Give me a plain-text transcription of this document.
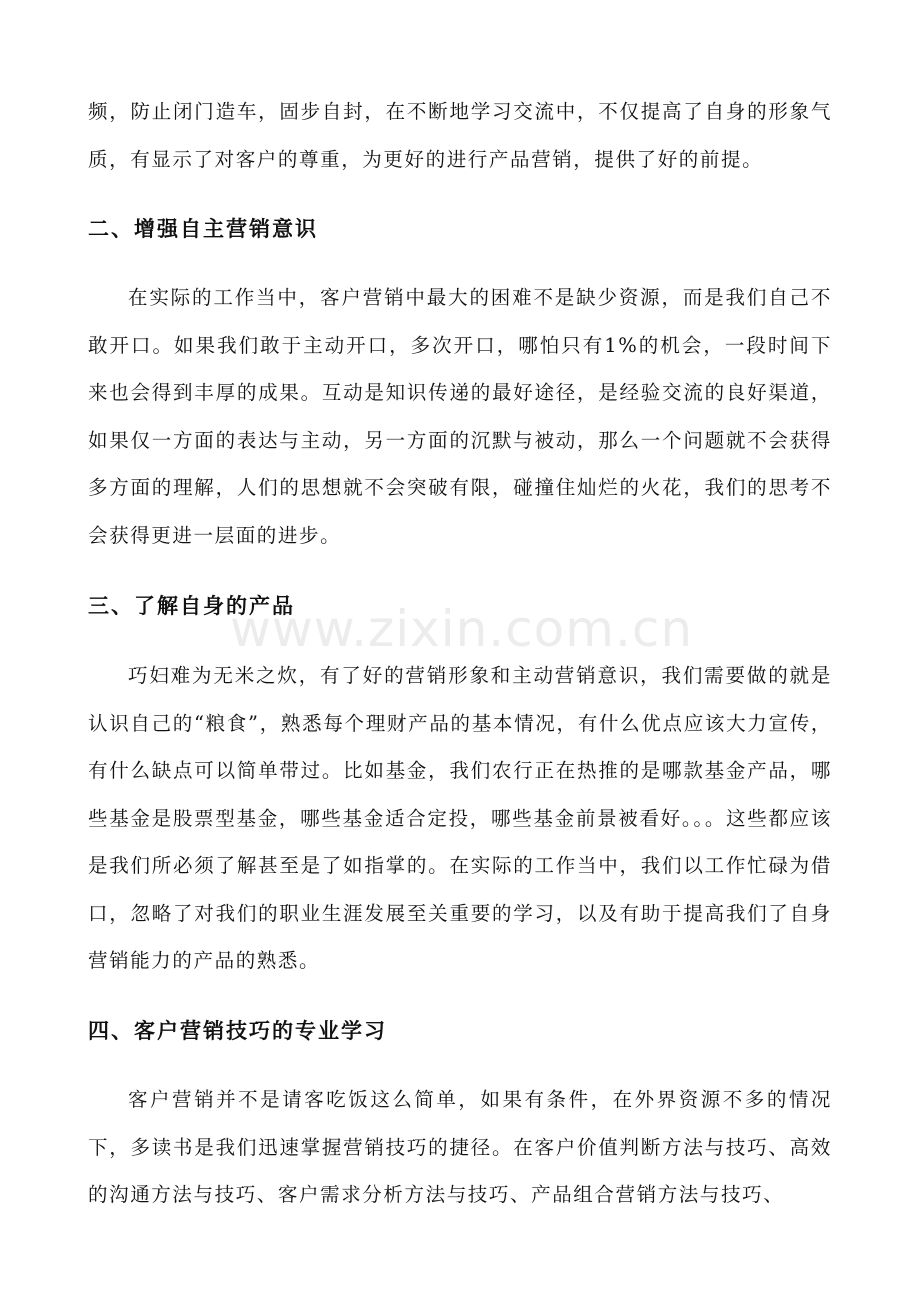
频，防止闭门造车，固步自封，在不断地学习交流中，不仅提高了自身的形象气质，有显示了对客户的尊重，为更好的进行产品营销，提供了好的前提。

二、增强自主营销意识

在实际的工作当中，客户营销中最大的困难不是缺少资源，而是我们自己不敢开口。如果我们敢于主动开口，多次开口，哪怕只有1%的机会，一段时间下来也会得到丰厚的成果。互动是知识传递的最好途径，是经验交流的良好渠道，如果仅一方面的表达与主动，另一方面的沉默与被动，那么一个问题就不会获得多方面的理解，人们的思想就不会突破有限，碰撞住灿烂的火花，我们的思考不会获得更进一层面的进步。

三、了解自身的产品

巧妇难为无米之炊，有了好的营销形象和主动营销意识，我们需要做的就是认识自己的“粮食”，熟悉每个理财产品的基本情况，有什么优点应该大力宣传，有什么缺点可以简单带过。比如基金，我们农行正在热推的是哪款基金产品，哪些基金是股票型基金，哪些基金适合定投，哪些基金前景被看好。。。这些都应该是我们所必须了解甚至是了如指掌的。在实际的工作当中，我们以工作忙碌为借口，忽略了对我们的职业生涯发展至关重要的学习，以及有助于提高我们了自身营销能力的产品的熟悉。

四、客户营销技巧的专业学习

客户营销并不是请客吃饭这么简单，如果有条件，在外界资源不多的情况下，多读书是我们迅速掌握营销技巧的捷径。在客户价值判断方法与技巧、高效的沟通方法与技巧、客户需求分析方法与技巧、产品组合营销方法与技巧、

www.zixin.com.cn
